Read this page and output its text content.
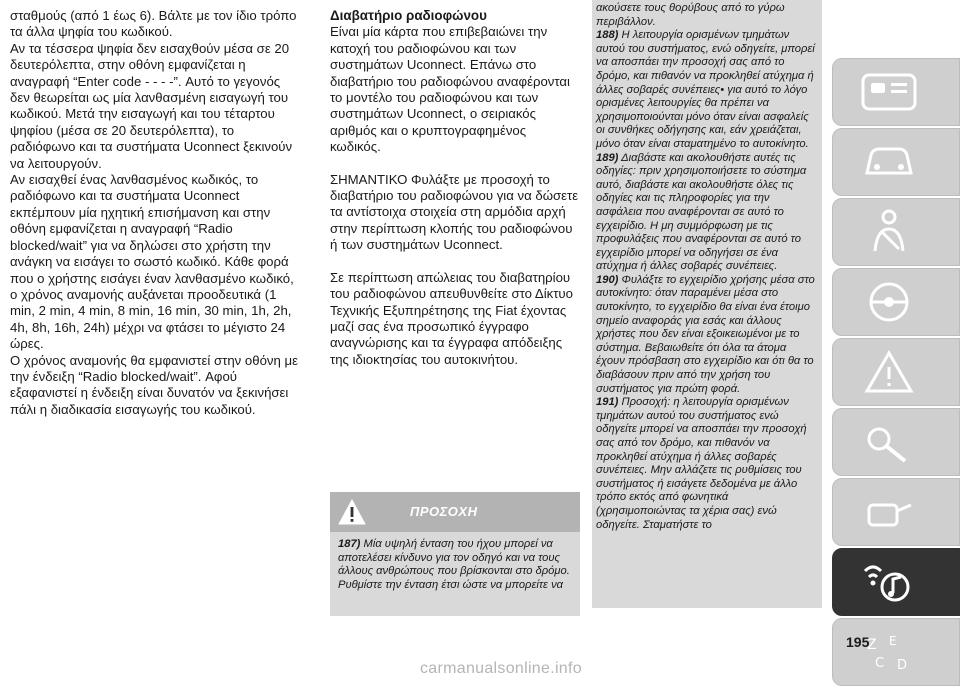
σταθμούς (από 1 έως 6). Βάλτε με τον ίδιο τρόπο τα άλλα ψηφία του κωδικού.

Αν τα τέσσερα ψηφία δεν εισαχθούν μέσα σε 20 δευτερόλεπτα, στην οθόνη εμφανίζεται η αναγραφή “Enter code - - - -”. Αυτό το γεγονός δεν θεωρείται ως μία λανθασμένη εισαγωγή του κωδικού. Μετά την εισαγωγή και του τέταρτου ψηφίου (μέσα σε 20 δευτερόλεπτα), το ραδιόφωνο και τα συστήματα Uconnect ξεκινούν να λειτουργούν.

Αν εισαχθεί ένας λανθασμένος κωδικός, το ραδιόφωνο και τα συστήματα Uconnect εκπέμπουν μία ηχητική επισήμανση και στην οθόνη εμφανίζεται η αναγραφή “Radio blocked/wait” για να δηλώσει στο χρήστη την ανάγκη να εισάγει το σωστό κωδικό. Κάθε φορά που ο χρήστης εισάγει έναν λανθασμένο κωδικό, ο χρόνος αναμονής αυξάνεται προοδευτικά (1 min, 2 min, 4 min, 8 min, 16 min, 30 min, 1h, 2h, 4h, 8h, 16h, 24h) μέχρι να φτάσει το μέγιστο 24 ώρες.

Ο χρόνος αναμονής θα εμφανιστεί στην οθόνη με την ένδειξη “Radio blocked/wait”. Αφού εξαφανιστεί η ένδειξη είναι δυνατόν να ξεκινήσει πάλι η διαδικασία εισαγωγής του κωδικού.

Διαβατήριο ραδιοφώνου

Είναι μία κάρτα που επιβεβαιώνει την κατοχή του ραδιοφώνου και των συστημάτων Uconnect. Επάνω στο διαβατήριο του ραδιοφώνου αναφέρονται το μοντέλο του ραδιοφώνου και των συστημάτων Uconnect, ο σειριακός αριθμός και ο κρυπτογραφημένος κωδικός.

ΣΗΜΑΝΤΙΚΟ Φυλάξτε με προσοχή το διαβατήριο του ραδιοφώνου για να δώσετε τα αντίστοιχα στοιχεία στη αρμόδια αρχή στην περίπτωση κλοπής του ραδιοφώνου ή των συστημάτων Uconnect.

Σε περίπτωση απώλειας του διαβατηρίου του ραδιοφώνου απευθυνθείτε στο Δίκτυο Τεχνικής Εξυπηρέτησης της Fiat έχοντας μαζί σας ένα προσωπικό έγγραφο αναγνώρισης και τα έγγραφα απόδειξης της ιδιοκτησίας του αυτοκινήτου.

ΠΡΟΣΟΧΗ
187) Μία υψηλή ένταση του ήχου μπορεί να αποτελέσει κίνδυνο για τον οδηγό και να τους άλλους ανθρώπους που βρίσκονται στο δρόμο. Ρυθμίστε την ένταση έτσι ώστε να μπορείτε να

ακούσετε τους θορύβους από το γύρω περιβάλλον.

188) Η λειτουργία ορισμένων τμημάτων αυτού του συστήματος, ενώ οδηγείτε, μπορεί να αποσπάει την προσοχή σας από το δρόμο, και πιθανόν να προκληθεί ατύχημα ή άλλες σοβαρές συνέπειες• για αυτό το λόγο ορισμένες λειτουργίες θα πρέπει να χρησιμοποιούνται μόνο όταν είναι ασφαλείς οι συνθήκες οδήγησης και, εάν χρειάζεται, μόνο όταν είναι σταματημένο το αυτοκίνητο.

189) Διαβάστε και ακολουθήστε αυτές τις οδηγίες: πριν χρησιμοποιήσετε το σύστημα αυτό, διαβάστε και ακολουθήστε όλες τις οδηγίες και τις πληροφορίες για την ασφάλεια που αναφέρονται σε αυτό το εγχειρίδιο. Η μη συμμόρφωση με τις προφυλάξεις που αναφέρονται σε αυτό το εγχειρίδιο μπορεί να οδηγήσει σε ένα ατύχημα ή άλλες σοβαρές συνέπειες.

190) Φυλάξτε το εγχειρίδιο χρήσης μέσα στο αυτοκίνητο: όταν παραμένει μέσα στο αυτοκίνητο, το εγχειρίδιο θα είναι ένα έτοιμο σημείο αναφοράς για εσάς και άλλους χρήστες που δεν είναι εξοικειωμένοι με το σύστημα. Βεβαιωθείτε ότι όλα τα άτομα έχουν πρόσβαση στο εγχειρίδιο και ότι θα το διαβάσουν πριν από την χρήση του συστήματος για πρώτη φορά.

191) Προσοχή: η λειτουργία ορισμένων τμημάτων αυτού του συστήματος ενώ οδηγείτε μπορεί να αποσπάει την προσοχή σας από τον δρόμο, και πιθανόν να προκληθεί ατύχημα ή άλλες σοβαρές συνέπειες. Μην αλλάζετε τις ρυθμίσεις του συστήματος ή εισάγετε δεδομένα με άλλο τρόπο εκτός από φωνητικά (χρησιμοποιώντας τα χέρια σας) ενώ οδηγείτε. Σταματήστε το

Z E
C D
195
carmanualsonline.info
